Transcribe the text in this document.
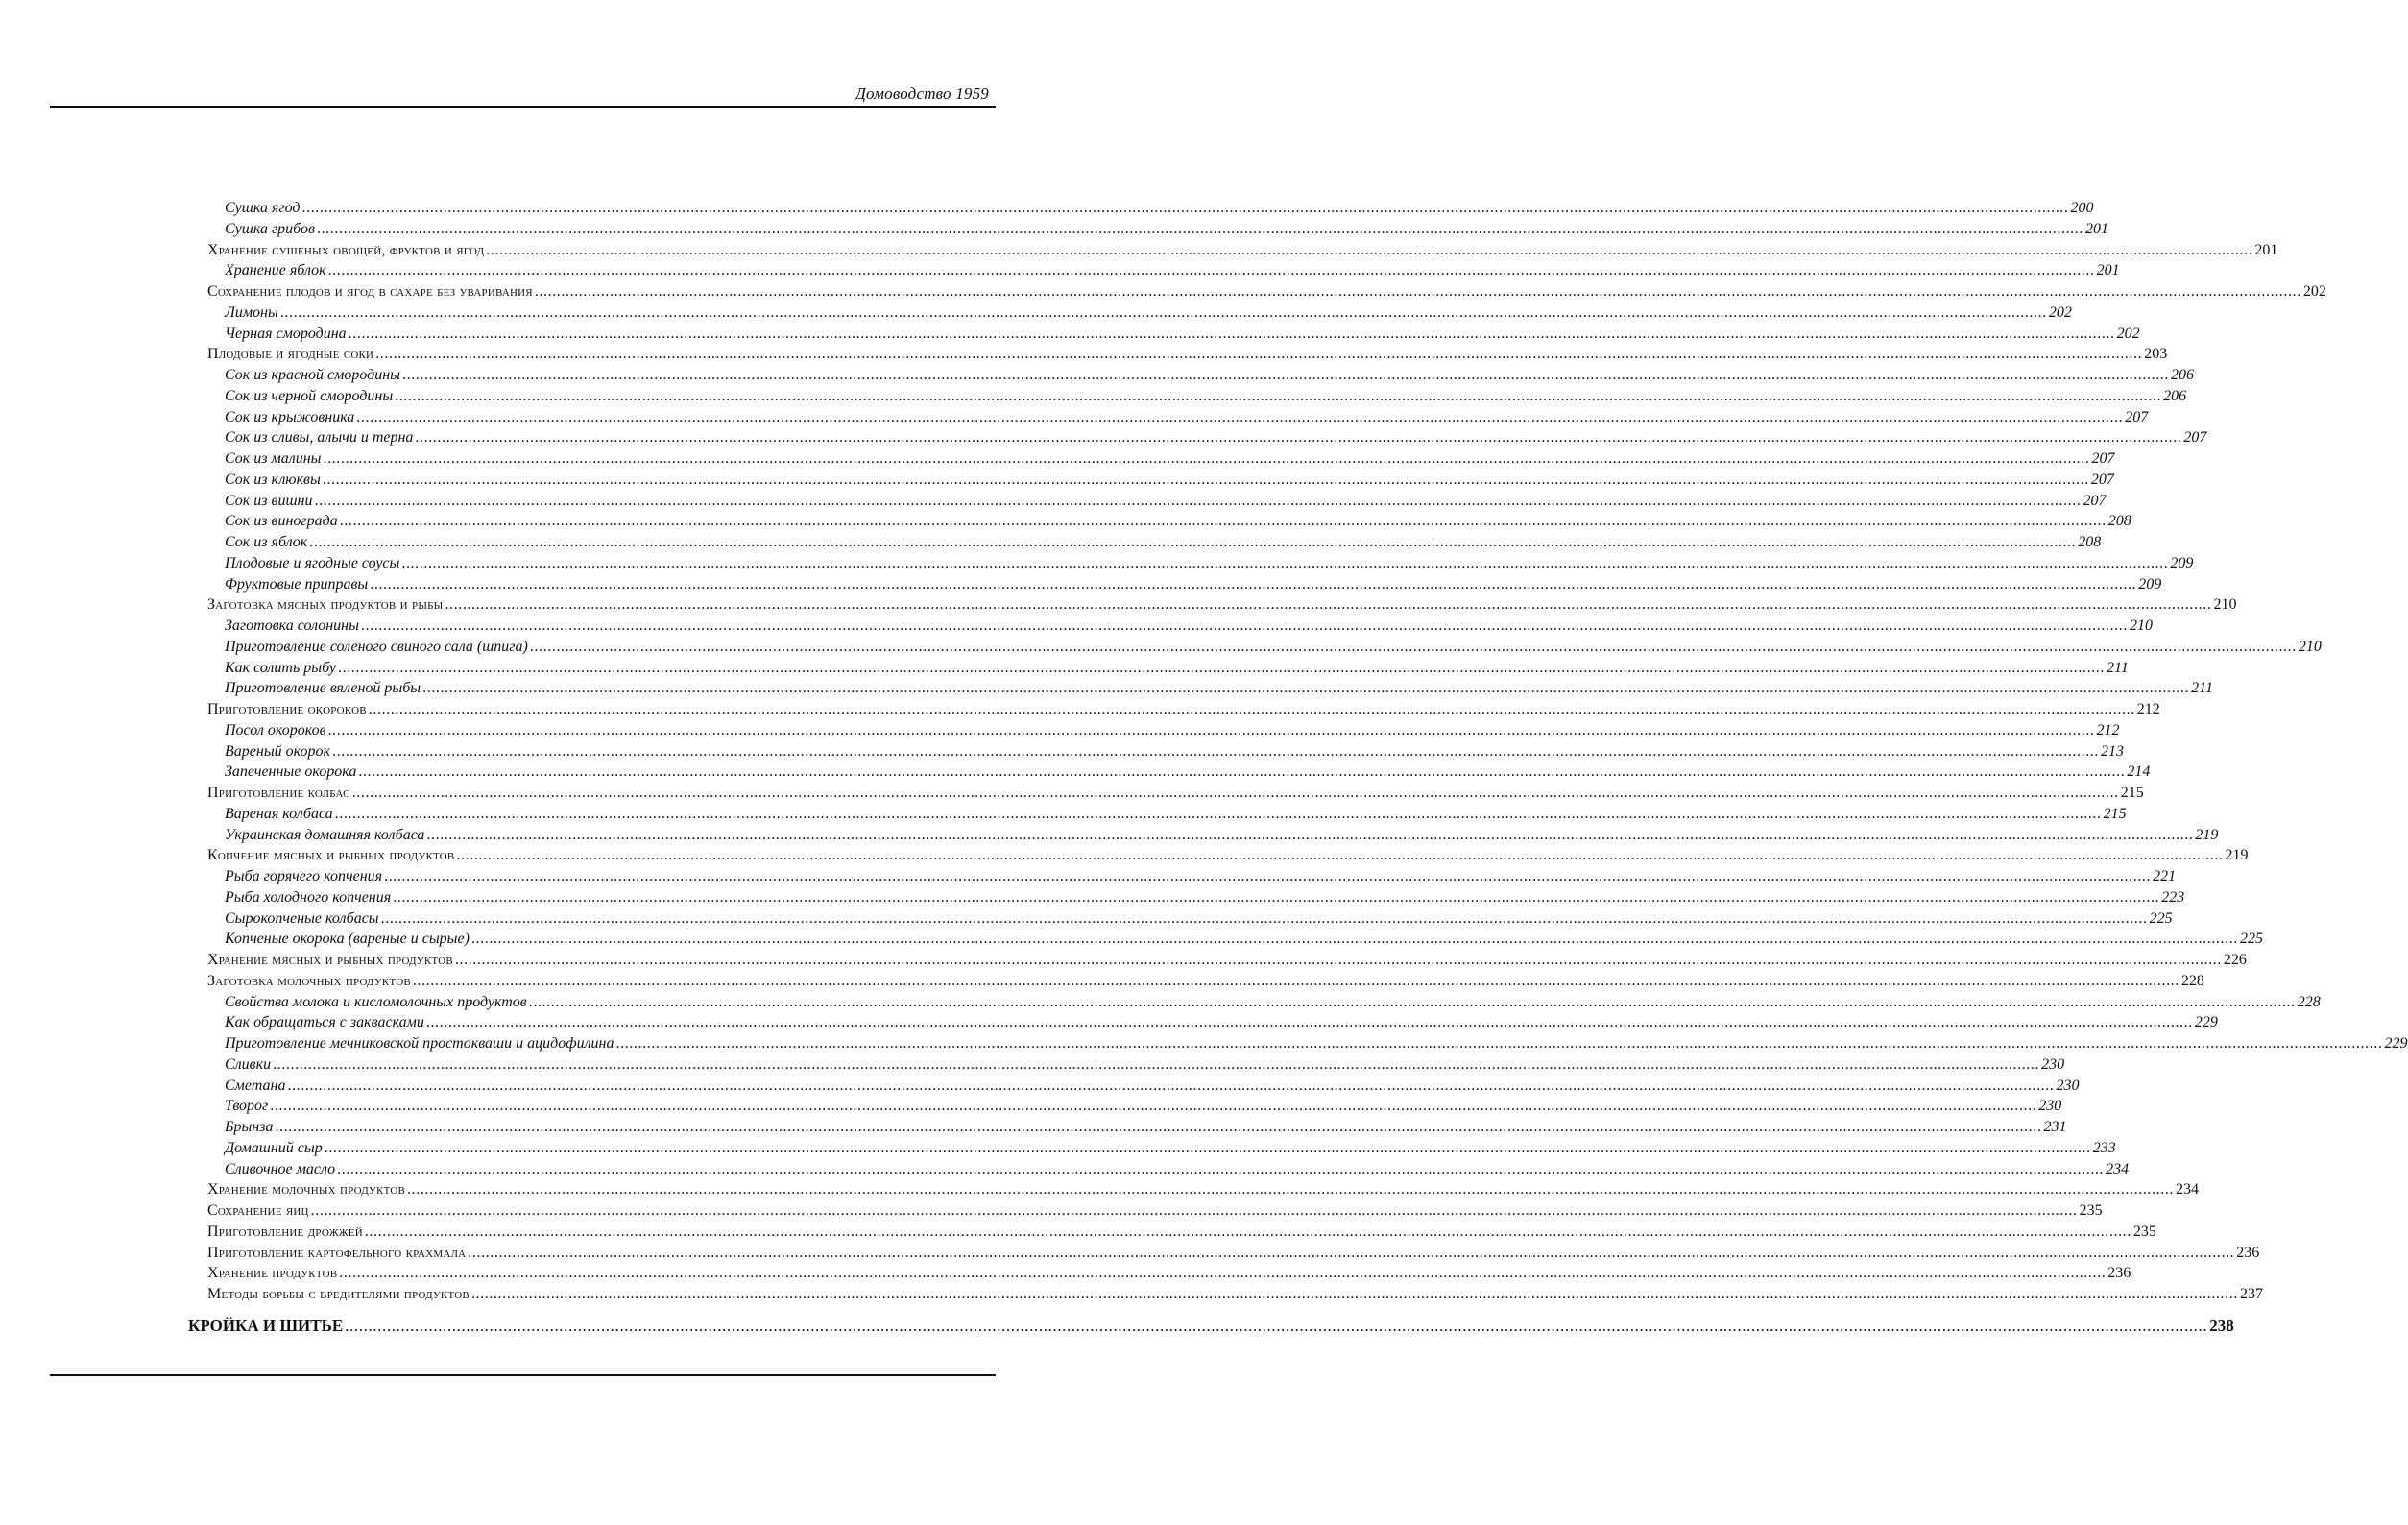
Домоводство 1959
Сушка ягод ................................................................................................................................................................................................................................................................................................................................................................................................................ 200
Сушка грибов ................................................................................................................................................................................................................................................................................................................................................................................................................ 201
Хранение сушеных овощей, фруктов и ягод ................................................................................................................................................................................................................................................................................................................................................................................................................ 201
Хранение яблок ................................................................................................................................................................................................................................................................................................................................................................................................................ 201
Сохранение плодов и ягод в сахаре без уваривания ................................................................................................................................................................................................................................................................................................................................................................................................................ 202
Лимоны ................................................................................................................................................................................................................................................................................................................................................................................................................ 202
Черная смородина ................................................................................................................................................................................................................................................................................................................................................................................................................ 202
Плодовые и ягодные соки ................................................................................................................................................................................................................................................................................................................................................................................................................ 203
Сок из красной смородины ................................................................................................................................................................................................................................................................................................................................................................................................................ 206
Сок из черной смородины ................................................................................................................................................................................................................................................................................................................................................................................................................ 206
Сок из крыжовника ................................................................................................................................................................................................................................................................................................................................................................................................................ 207
Сок из сливы, алычи и терна ................................................................................................................................................................................................................................................................................................................................................................................................................ 207
Сок из малины ................................................................................................................................................................................................................................................................................................................................................................................................................ 207
Сок из клюквы ................................................................................................................................................................................................................................................................................................................................................................................................................ 207
Сок из вишни ................................................................................................................................................................................................................................................................................................................................................................................................................ 207
Сок из винограда ................................................................................................................................................................................................................................................................................................................................................................................................................ 208
Сок из яблок ................................................................................................................................................................................................................................................................................................................................................................................................................ 208
Плодовые и ягодные соусы ................................................................................................................................................................................................................................................................................................................................................................................................................ 209
Фруктовые приправы ................................................................................................................................................................................................................................................................................................................................................................................................................ 209
Заготовка мясных продуктов и рыбы ................................................................................................................................................................................................................................................................................................................................................................................................................ 210
Заготовка солонины ................................................................................................................................................................................................................................................................................................................................................................................................................ 210
Приготовление соленого свиного сала (шпига) ................................................................................................................................................................................................................................................................................................................................................................................................................ 210
Как солить рыбу ................................................................................................................................................................................................................................................................................................................................................................................................................ 211
Приготовление вяленой рыбы ................................................................................................................................................................................................................................................................................................................................................................................................................ 211
Приготовление окороков ................................................................................................................................................................................................................................................................................................................................................................................................................ 212
Посол окороков ................................................................................................................................................................................................................................................................................................................................................................................................................ 212
Вареный окорок ................................................................................................................................................................................................................................................................................................................................................................................................................ 213
Запеченные окорока ................................................................................................................................................................................................................................................................................................................................................................................................................ 214
Приготовление колбас ................................................................................................................................................................................................................................................................................................................................................................................................................ 215
Вареная колбаса ................................................................................................................................................................................................................................................................................................................................................................................................................ 215
Украинская домашняя колбаса ................................................................................................................................................................................................................................................................................................................................................................................................................ 219
Копчение мясных и рыбных продуктов ................................................................................................................................................................................................................................................................................................................................................................................................................ 219
Рыба горячего копчения ................................................................................................................................................................................................................................................................................................................................................................................................................ 221
Рыба холодного копчения ................................................................................................................................................................................................................................................................................................................................................................................................................ 223
Сырокопченые колбасы ................................................................................................................................................................................................................................................................................................................................................................................................................ 225
Копченые окорока (вареные и сырые) ................................................................................................................................................................................................................................................................................................................................................................................................................ 225
Хранение мясных и рыбных продуктов ................................................................................................................................................................................................................................................................................................................................................................................................................ 226
Заготовка молочных продуктов ................................................................................................................................................................................................................................................................................................................................................................................................................ 228
Свойства молока и кисломолочных продуктов ................................................................................................................................................................................................................................................................................................................................................................................................................ 228
Как обращаться с заквасками ................................................................................................................................................................................................................................................................................................................................................................................................................ 229
Приготовление мечниковской простокваши и ацидофилина ................................................................................................................................................................................................................................................................................................................................................................................................................ 229
Сливки ................................................................................................................................................................................................................................................................................................................................................................................................................ 230
Сметана ................................................................................................................................................................................................................................................................................................................................................................................................................ 230
Творог ................................................................................................................................................................................................................................................................................................................................................................................................................ 230
Брынза ................................................................................................................................................................................................................................................................................................................................................................................................................ 231
Домашний сыр ................................................................................................................................................................................................................................................................................................................................................................................................................ 233
Сливочное масло ................................................................................................................................................................................................................................................................................................................................................................................................................ 234
Хранение молочных продуктов ................................................................................................................................................................................................................................................................................................................................................................................................................ 234
Сохранение яиц ................................................................................................................................................................................................................................................................................................................................................................................................................ 235
Приготовление дрожжей ................................................................................................................................................................................................................................................................................................................................................................................................................ 235
Приготовление картофельного крахмала ................................................................................................................................................................................................................................................................................................................................................................................................................ 236
Хранение продуктов ................................................................................................................................................................................................................................................................................................................................................................................................................ 236
Методы борьбы с вредителями продуктов ................................................................................................................................................................................................................................................................................................................................................................................................................ 237
КРОЙКА И ШИТЬЕ ................................................................................................................................................................................................................................................................................................................................................................................................................ 238
